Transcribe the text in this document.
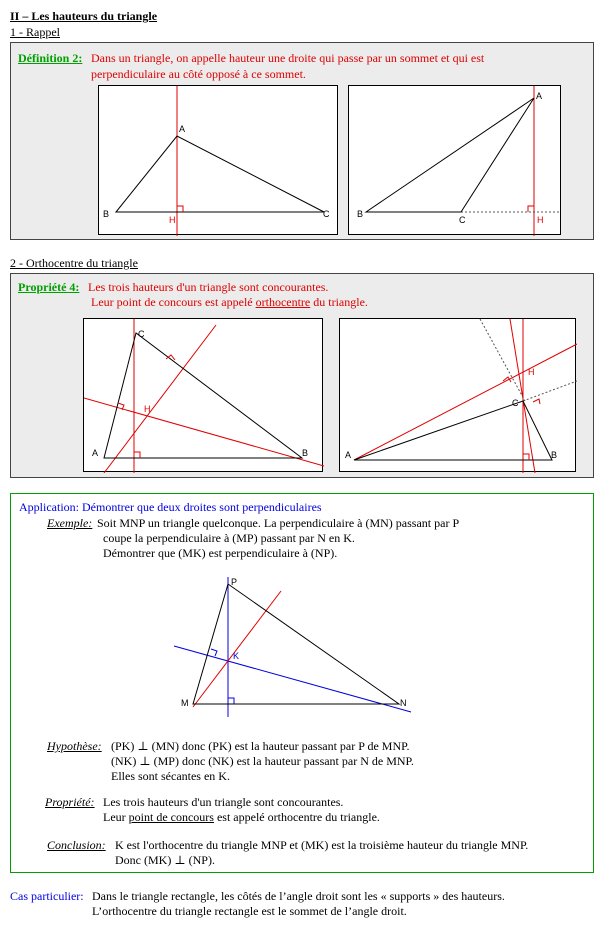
II – Les hauteurs du triangle
1 - Rappel
Définition 2: Dans un triangle, on appelle hauteur une droite qui passe par un sommet et qui est
perpendiculaire au côté opposé à ce sommet.
A
B	C
H
A
B
C	H
2 - Orthocentre du triangle
Propriété 4: Les trois hauteurs d'un triangle sont concourantes.
Leur point de concours est appelé orthocentre du triangle.
C
A	B
H
A	B
C
H
Application: Démontrer que deux droites sont perpendiculaires
Exemple: Soit MNP un triangle quelconque. La perpendiculaire à (MN) passant par P
coupe la perpendiculaire à (MP) passant par N en K.
Démontrer que (MK) est perpendiculaire à (NP).
P
K
M	N
Hypothèse: (PK) ⊥ (MN) donc (PK) est la hauteur passant par P de MNP.
(NK) ⊥ (MP) donc (NK) est la hauteur passant par N de MNP.
Elles sont sécantes en K.
Propriété: Les trois hauteurs d'un triangle sont concourantes.
Leur point de concours est appelé orthocentre du triangle.
Conclusion: K est l'orthocentre du triangle MNP et (MK) est la troisième hauteur du triangle MNP.
Donc (MK) ⊥ (NP).
Cas particulier: Dans le triangle rectangle, les côtés de l’angle droit sont les « supports » des hauteurs.
L’orthocentre du triangle rectangle est le sommet de l’angle droit.
